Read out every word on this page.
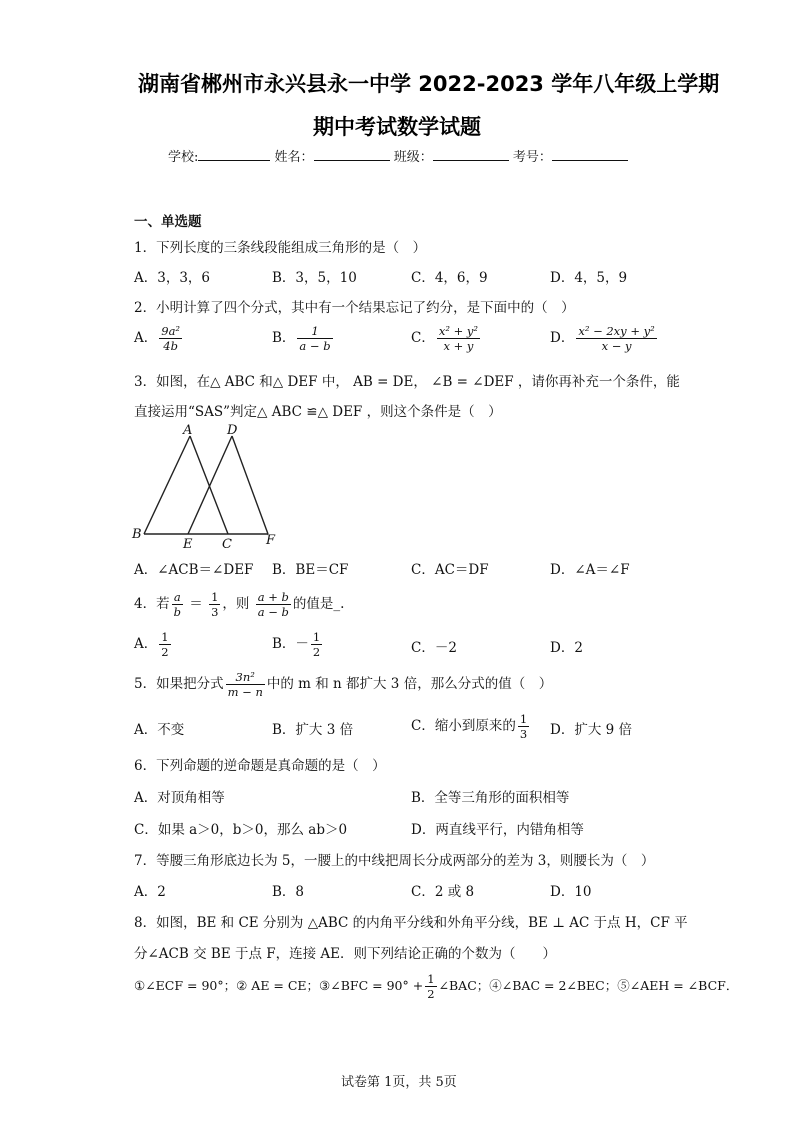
湖南省郴州市永兴县永一中学 2022-2023 学年八年级上学期
期中考试数学试题
学校:	姓名：	班级：	考号：
一、单选题
1．下列长度的三条线段能组成三角形的是（　）
A．3，3，6	B．3，5，10	C．4，6，9	D．4，5，9
2．小明计算了四个分式，其中有一个结果忘记了约分，是下面中的（　）
A． $\frac{\text{9a²}}{4b}$	B． $\frac{1}{a - b}$	C． $\frac{\text{x² + y²}}{x + y}$	D． $\frac{\text{x² − 2xy + y²}}{x - y}$
3．如图，在△ ABC 和△ DEF 中， AB = DE， ∠B = ∠DEF ，请你再补充一个条件，能
直接运用“SAS”判定△ ABC ≌△ DEF ，则这个条件是（　）
A	D
B
E C	F
A．∠ACB＝∠DEF B．BE＝CF	C．AC＝DF	D．∠A＝∠F
4．若 $\frac{a}{b} = \frac{1}{3}$ ，则 $\frac{a + b}{a - b}$ 的值是_.
A． $\frac{1}{2}$	B．－ $\frac{1}{2}$	C．－2	D．2
5．如果把分式 $\frac{\text{3n²}}{m - n}$ 中的 m 和 n 都扩大 3 倍，那么分式的值（　）
A．不变	B．扩大 3 倍	C．缩小到原来的 $\frac{1}{3}$ D．扩大 9 倍
6．下列命题的逆命题是真命题的是（　）
A．对顶角相等	B．全等三角形的面积相等
C．如果 a＞0，b＞0，那么 ab＞0	D．两直线平行，内错角相等
7．等腰三角形底边长为 5，一腰上的中线把周长分成两部分的差为 3，则腰长为（　）
A．2	B．8	C．2 或 8	D．10
8．如图，BE 和 CE 分别为 △ABC 的内角平分线和外角平分线，BE ⊥ AC 于点 H，CF 平
分∠ACB 交 BE 于点 F，连接 AE．则下列结论正确的个数为（　　）
①∠ECF = 90°；② AE = CE；③∠BFC = $90^\circ + \frac{1}{2}$ ∠BAC；④∠BAC = 2∠BEC；⑤∠AEH = ∠BCF．
试卷第 1页，共 5页
